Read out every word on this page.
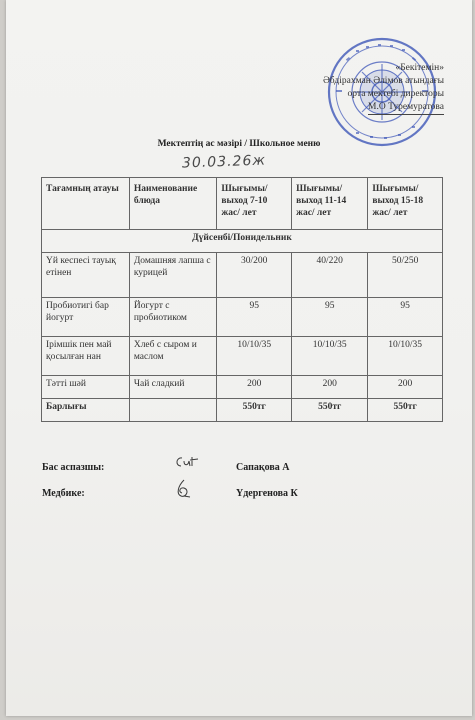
«Бекітемін»
Әбдірахман Әлімов атындағы
орта мектебі директоры
М.О Туремуратова
Мектептің ас мәзірі / Школьное меню
30.03.26ж
Тағамның атауы	Наименование блюда	Шығымы/ выход 7-10 жас/ лет	Шығымы/ выход 11-14 жас/ лет	Шығымы/ выход 15-18 жас/ лет
Дүйсенбі/Понидельник				
Үй кеспесі тауық етінен	Домашняя лапша с курицей	30/200	40/220	50/250
Пробиотигі бар йогурт	Йогурт с пробиотиком	95	95	95
Ірімшік пен май қосылған нан	Хлеб с сыром и маслом	10/10/35	10/10/35	10/10/35
Тәтті шәй	Чай сладкий	200	200	200
Барлығы		550тг	550тг	550тг
Бас аспазшы:	Сапақова А
Медбике:	Үдергенова К
